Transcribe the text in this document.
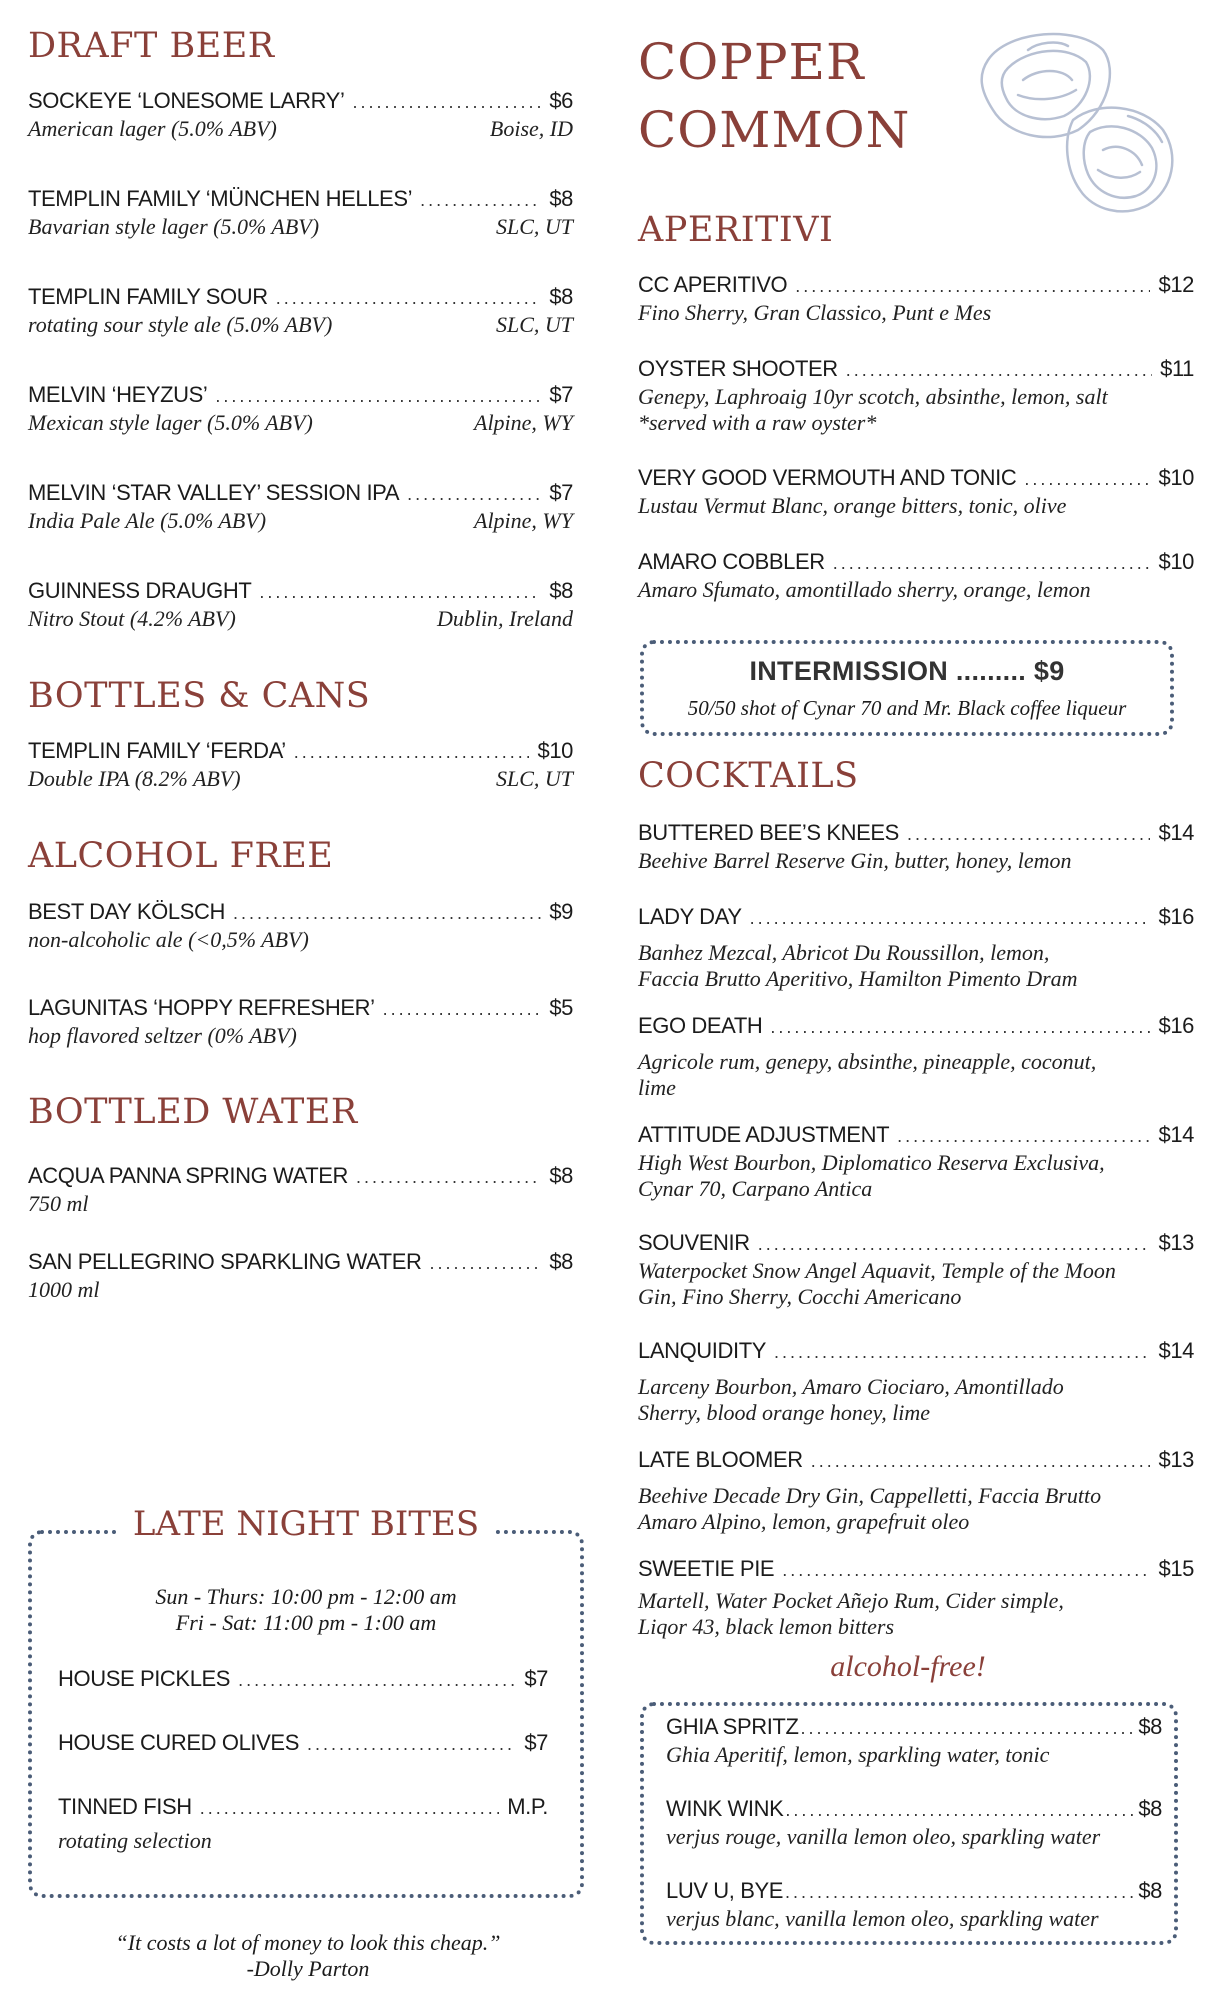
DRAFT BEER
SOCKEYE ‘LONESOME LARRY’ .....	$6
American lager (5.0% ABV)	Boise, ID
TEMPLIN FAMILY ‘MÜNCHEN HELLES’ .....	$8
Bavarian style lager (5.0% ABV)	SLC, UT
TEMPLIN FAMILY SOUR .....	$8
rotating sour style ale (5.0% ABV)	SLC, UT
MELVIN ‘HEYZUS’ .....	$7
Mexican style lager (5.0% ABV)	Alpine, WY
MELVIN ‘STAR VALLEY’ SESSION IPA .....	$7
India Pale Ale (5.0% ABV)	Alpine, WY
GUINNESS DRAUGHT .....	$8
Nitro Stout (4.2% ABV)	Dublin, Ireland
BOTTLES & CANS
TEMPLIN FAMILY ‘FERDA’ .....	$10
Double IPA (8.2% ABV)	SLC, UT
ALCOHOL FREE
BEST DAY KÖLSCH .....	$9
non-alcoholic ale (<0,5% ABV)
LAGUNITAS ‘HOPPY REFRESHER’ .....	$5
hop flavored seltzer (0% ABV)
BOTTLED WATER
ACQUA PANNA SPRING WATER .....	$8
750 ml
SAN PELLEGRINO SPARKLING WATER .....	$8
1000 ml
LATE NIGHT BITES
Sun - Thurs: 10:00 pm - 12:00 am
Fri - Sat: 11:00 pm - 1:00 am
HOUSE PICKLES .....	$7
HOUSE CURED OLIVES .....	$7
TINNED FISH .....	M.P.
rotating selection
“It costs a lot of money to look this cheap.”
-Dolly Parton
COPPER
COMMON
APERITIVI
CC APERITIVO .....	$12
Fino Sherry, Gran Classico, Punt e Mes
OYSTER SHOOTER .....	$11
Genepy, Laphroaig 10yr scotch, absinthe, lemon, salt
*served with a raw oyster*
VERY GOOD VERMOUTH AND TONIC .....	$10
Lustau Vermut Blanc, orange bitters, tonic, olive
AMARO COBBLER .....	$10
Amaro Sfumato, amontillado sherry, orange, lemon
INTERMISSION ......... $9
50/50 shot of Cynar 70 and Mr. Black coffee liqueur
COCKTAILS
BUTTERED BEE’S KNEES .....	$14
Beehive Barrel Reserve Gin, butter, honey, lemon
LADY DAY .....	$16
Banhez Mezcal, Abricot Du Roussillon, lemon,
Faccia Brutto Aperitivo, Hamilton Pimento Dram
EGO DEATH .....	$16
Agricole rum, genepy, absinthe, pineapple, coconut,
lime
ATTITUDE ADJUSTMENT .....	$14
High West Bourbon, Diplomatico Reserva Exclusiva,
Cynar 70, Carpano Antica
SOUVENIR .....	$13
Waterpocket Snow Angel Aquavit, Temple of the Moon
Gin, Fino Sherry, Cocchi Americano
LANQUIDITY .....	$14
Larceny Bourbon, Amaro Ciociaro, Amontillado
Sherry, blood orange honey, lime
LATE BLOOMER .....	$13
Beehive Decade Dry Gin, Cappelletti, Faccia Brutto
Amaro Alpino, lemon, grapefruit oleo
SWEETIE PIE .....	$15
Martell, Water Pocket Añejo Rum, Cider simple,
Liqor 43, black lemon bitters
alcohol-free!
GHIA SPRITZ .....	$8
Ghia Aperitif, lemon, sparkling water, tonic
WINK WINK .....	$8
verjus rouge, vanilla lemon oleo, sparkling water
LUV U, BYE .....	$8
verjus blanc, vanilla lemon oleo, sparkling water
